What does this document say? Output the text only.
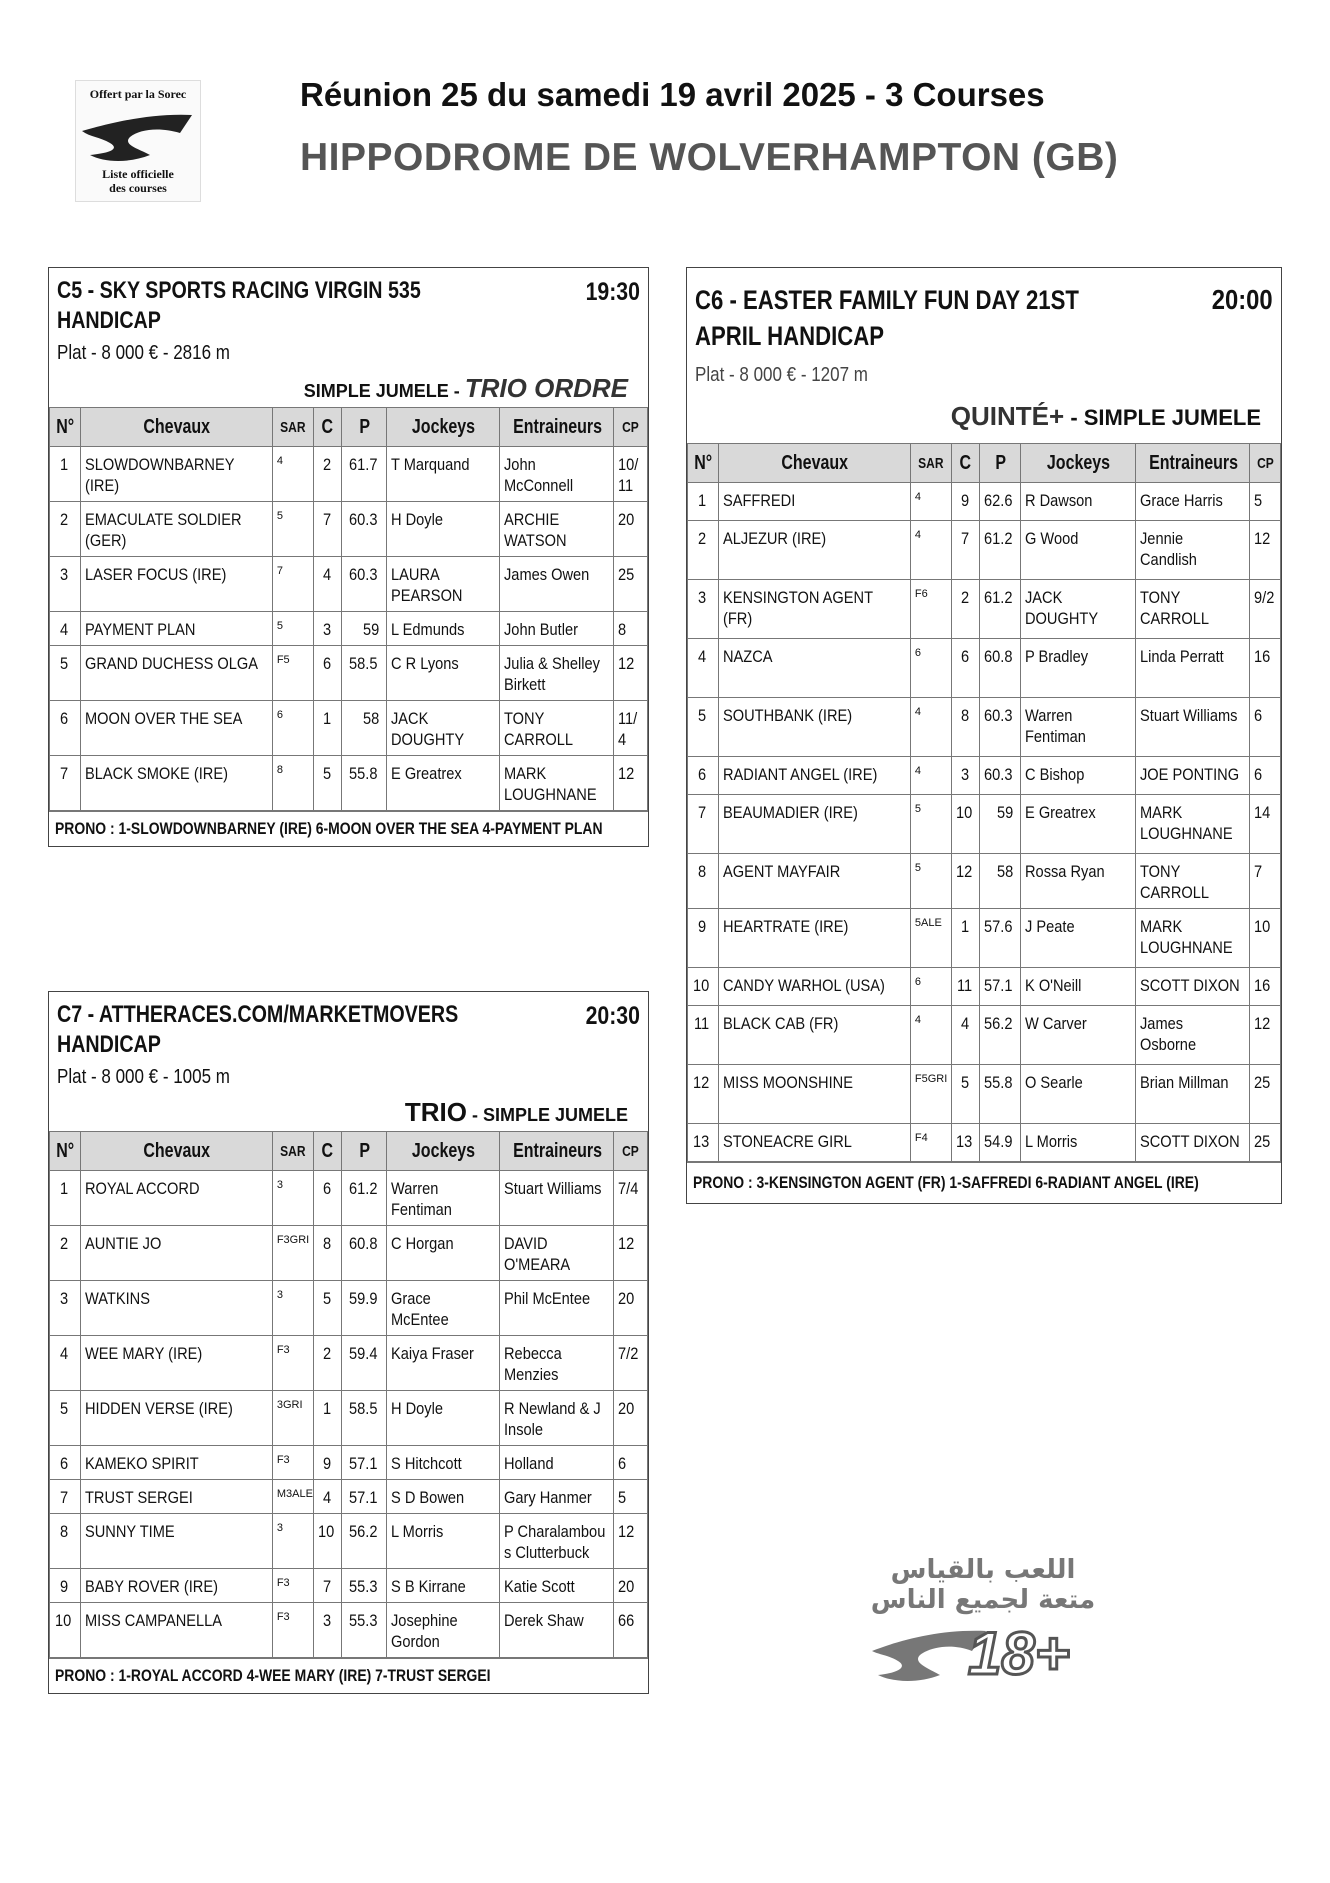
Offert par la Sorec
Liste officielle
des courses
Réunion 25 du samedi 19 avril 2025 - 3 Courses
HIPPODROME DE WOLVERHAMPTON (GB)
C5 - SKY SPORTS RACING VIRGIN 535 HANDICAP
19:30
Plat - 8 000 € - 2816 m
SIMPLE JUMELE - TRIO ORDRE
N°	Chevaux	SAR	C	P	Jockeys	Entraineurs	CP
1	SLOWDOWNBARNEY (IRE)	4	2	61.7	T Marquand	John McConnell	10/ 11
2	EMACULATE SOLDIER (GER)	5	7	60.3	H Doyle	ARCHIE WATSON	20
3	LASER FOCUS (IRE)	7	4	60.3	LAURA PEARSON	James Owen	25
4	PAYMENT PLAN	5	3	59	L Edmunds	John Butler	8
5	GRAND DUCHESS OLGA	F5	6	58.5	C R Lyons	Julia & Shelley Birkett	12
6	MOON OVER THE SEA	6	1	58	JACK DOUGHTY	TONY CARROLL	11/ 4
7	BLACK SMOKE (IRE)	8	5	55.8	E Greatrex	MARK LOUGHNANE	12
PRONO : 1-SLOWDOWNBARNEY (IRE) 6-MOON OVER THE SEA 4-PAYMENT PLAN
C7 - ATTHERACES.COM/MARKETMOVERS HANDICAP
20:30
Plat - 8 000 € - 1005 m
TRIO - SIMPLE JUMELE
N°	Chevaux	SAR	C	P	Jockeys	Entraineurs	CP
1	ROYAL ACCORD	3	6	61.2	Warren Fentiman	Stuart Williams	7/4
2	AUNTIE JO	F3GRI	8	60.8	C Horgan	DAVID O'MEARA	12
3	WATKINS	3	5	59.9	Grace McEntee	Phil McEntee	20
4	WEE MARY (IRE)	F3	2	59.4	Kaiya Fraser	Rebecca Menzies	7/2
5	HIDDEN VERSE (IRE)	3GRI	1	58.5	H Doyle	R Newland & J Insole	20
6	KAMEKO SPIRIT	F3	9	57.1	S Hitchcott	Holland	6
7	TRUST SERGEI	M3ALE	4	57.1	S D Bowen	Gary Hanmer	5
8	SUNNY TIME	3	10	56.2	L Morris	P Charalambou s Clutterbuck	12
9	BABY ROVER (IRE)	F3	7	55.3	S B Kirrane	Katie Scott	20
10	MISS CAMPANELLA	F3	3	55.3	Josephine Gordon	Derek Shaw	66
PRONO : 1-ROYAL ACCORD 4-WEE MARY (IRE) 7-TRUST SERGEI
C6 - EASTER FAMILY FUN DAY 21ST APRIL HANDICAP
20:00
Plat - 8 000 € - 1207 m
QUINTÉ+ - SIMPLE JUMELE
N°	Chevaux	SAR	C	P	Jockeys	Entraineurs	CP
1	SAFFREDI	4	9	62.6	R Dawson	Grace Harris	5
2	ALJEZUR (IRE)	4	7	61.2	G Wood	Jennie Candlish	12
3	KENSINGTON AGENT (FR)	F6	2	61.2	JACK DOUGHTY	TONY CARROLL	9/2
4	NAZCA	6	6	60.8	P Bradley	Linda Perratt	16
5	SOUTHBANK (IRE)	4	8	60.3	Warren Fentiman	Stuart Williams	6
6	RADIANT ANGEL (IRE)	4	3	60.3	C Bishop	JOE PONTING	6
7	BEAUMADIER (IRE)	5	10	59	E Greatrex	MARK LOUGHNANE	14
8	AGENT MAYFAIR	5	12	58	Rossa Ryan	TONY CARROLL	7
9	HEARTRATE (IRE)	5ALE	1	57.6	J Peate	MARK LOUGHNANE	10
10	CANDY WARHOL (USA)	6	11	57.1	K O'Neill	SCOTT DIXON	16
11	BLACK CAB (FR)	4	4	56.2	W Carver	James Osborne	12
12	MISS MOONSHINE	F5GRI	5	55.8	O Searle	Brian Millman	25
13	STONEACRE GIRL	F4	13	54.9	L Morris	SCOTT DIXON	25
PRONO : 3-KENSINGTON AGENT (FR) 1-SAFFREDI 6-RADIANT ANGEL (IRE)
اللعب بالقياس
متعة لجميع الناس
18+
